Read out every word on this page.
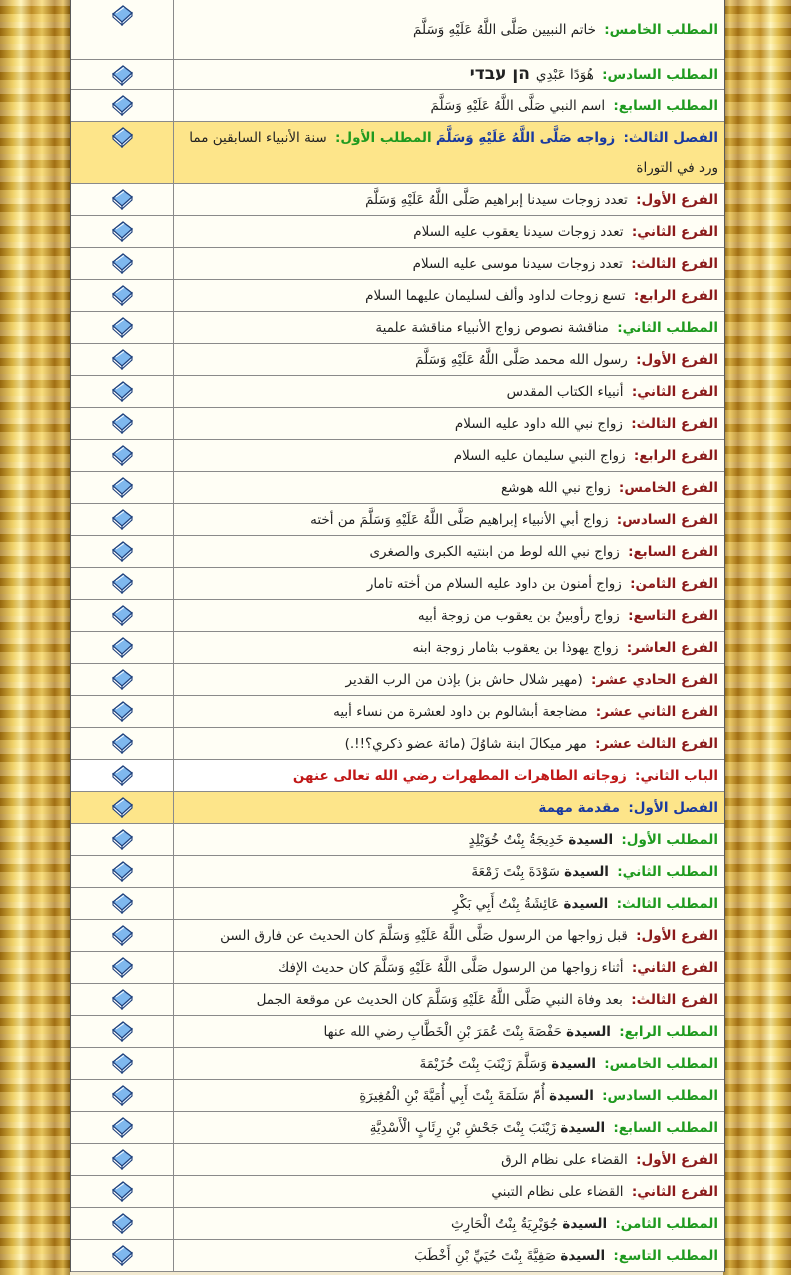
المطلب الخامس: خاتم النبيين صَلَّى اللَّهُ عَلَيْهِ وَسَلَّمَ
المطلب السادس: هُوَدًا عَبْدِيהן עבדי
المطلب السابع: اسم النبي صَلَّى اللَّهُ عَلَيْهِ وَسَلَّمَ
الفصل الثالث: زواجه صَلَّى اللَّهُ عَلَيْهِ وَسَلَّمَ المطلب الأول: سنة الأنبياء السابقين مما ورد في التوراة
الفرع الأول: تعدد زوجات سيدنا إبراهيم صَلَّى اللَّهُ عَلَيْهِ وَسَلَّمَ
الفرع الثاني: تعدد زوجات سيدنا يعقوب عليه السلام
الفرع الثالث: تعدد زوجات سيدنا موسى عليه السلام
الفرع الرابع: تسع زوجات لداود وألف لسليمان عليهما السلام
المطلب الثاني: مناقشة نصوص زواج الأنبياء مناقشة علمية
الفرع الأول: رسول الله محمد صَلَّى اللَّهُ عَلَيْهِ وَسَلَّمَ
الفرع الثاني: أنبياء الكتاب المقدس
الفرع الثالث: زواج نبي الله داود عليه السلام
الفرع الرابع: زواج النبي سليمان عليه السلام
الفرع الخامس: زواج نبي الله هوشع
الفرع السادس: زواج أبي الأنبياء إبراهيم صَلَّى اللَّهُ عَلَيْهِ وَسَلَّمَ من أخته
الفرع السابع: زواج نبي الله لوط من ابنتيه الكبرى والصغرى
الفرع الثامن: زواج أمنون بن داود عليه السلام من أخته تامار
الفرع التاسع: زواج رأوبينُ بن يعقوب من زوجة أبيه
الفرع العاشر: زواج يهوذا بن يعقوب بثامار زوجة ابنه
الفرع الحادي عشر: (مهير شلال حاش بز) بإذن من الرب القدير
الفرع الثاني عشر: مضاجعة أبشالوم بن داود لعشرة من نساء أبيه
الفرع الثالث عشر: مهر ميكالَ ابنة شاوُلَ (مائة عضو ذكري؟!!.)
الباب الثاني: زوجاته الطاهرات المطهرات رضي الله تعالى عنهن
الفصل الأول: مقدمة مهمة
المطلب الأول: السيدة خَدِيجَةُ بِنْتُ خُوَيْلِدٍ
المطلب الثاني: السيدة سَوْدَةَ بِنْتَ زَمْعَةَ
المطلب الثالث: السيدة عَائِشَةُ بِنْتُ أَبِي بَكْرٍ
الفرع الأول: قبل زواجها من الرسول صَلَّى اللَّهُ عَلَيْهِ وَسَلَّمَ كان الحديث عن فارق السن
الفرع الثاني: أثناء زواجها من الرسول صَلَّى اللَّهُ عَلَيْهِ وَسَلَّمَ كان حديث الإفك
الفرع الثالث: بعد وفاة النبي صَلَّى اللَّهُ عَلَيْهِ وَسَلَّمَ كان الحديث عن موقعة الجمل
المطلب الرابع: السيدة حَفْصَةَ بِنْتَ عُمَرَ بْنِ الْخَطَّابِ رضي الله عنها
المطلب الخامس: السيدة وَسَلَّمَ زَيْنَبَ بِنْتَ خُزَيْمَةَ
المطلب السادس: السيدة أُمّ سَلَمَةَ بِنْتَ أَبِي أُمَيَّةَ بْنِ الْمُغِيرَةِ
المطلب السابع: السيدة زَيْنَبَ بِنْتَ جَحْشِ بْنِ رِئَابٍ الْأَسْدِيَّةِ
الفرع الأول: القضاء على نظام الرق
الفرع الثاني: القضاء على نظام التبني
المطلب الثامن: السيدة جُوَيْرِيَةُ بِنْتُ الْحَارِثِ
المطلب التاسع: السيدة صَفِيَّةَ بِنْتَ حُيَيِّ بْنِ أَخْطَبَ
